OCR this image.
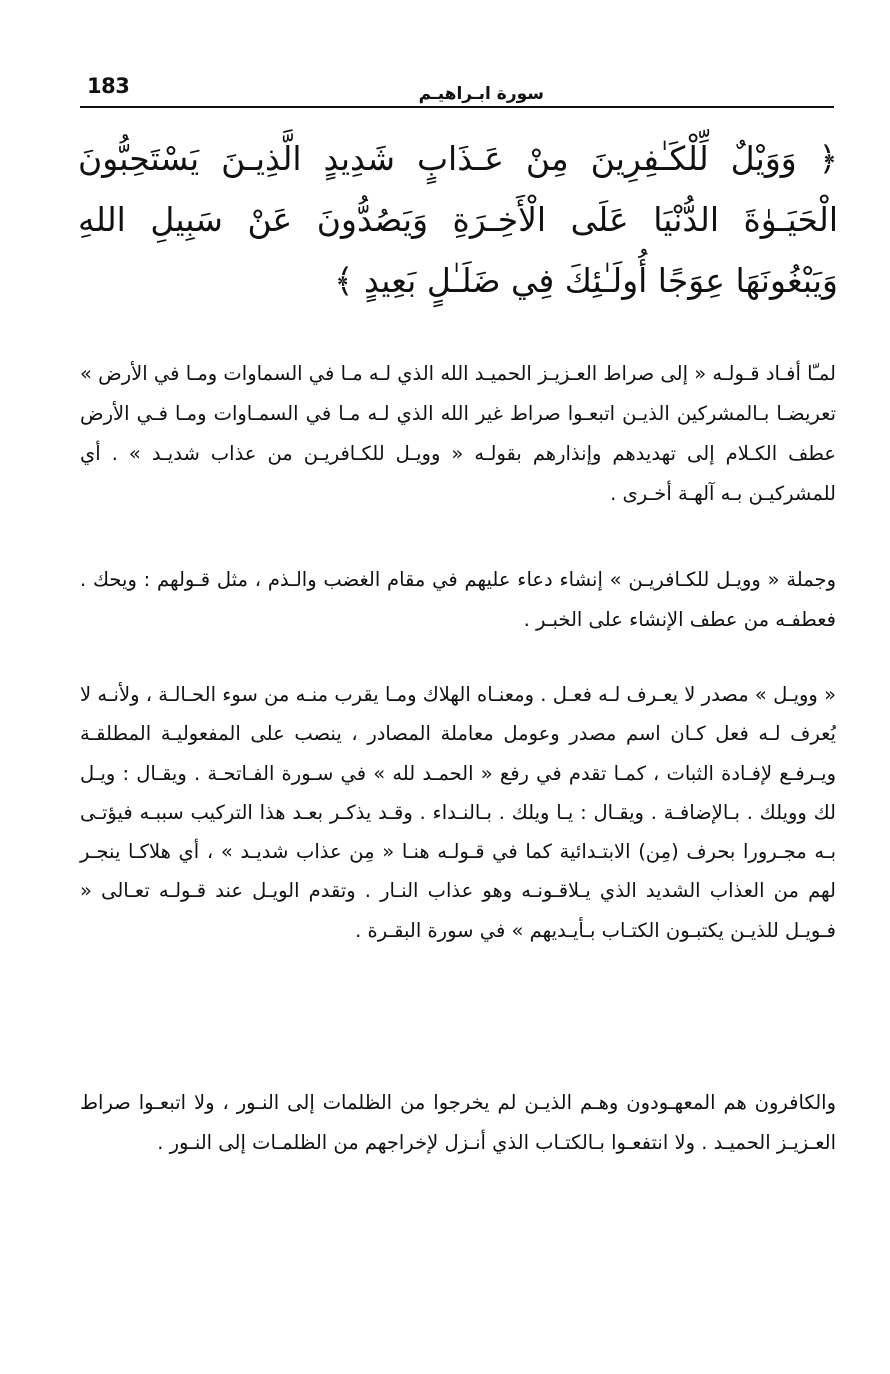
183	سورة ابـراهيـم
﴿ وَوَيْلٌ لِّلْكَـٰفِرِينَ مِنْ عَـذَابٍ شَدِيدٍ الَّذِيـنَ يَسْتَحِبُّونَ الْحَيَـوٰةَ الدُّنْيَا عَلَى الْأَخِـرَةِ وَيَصُدُّونَ عَنْ سَبِيلِ اللهِ وَيَبْغُونَهَا عِوَجًا أُولَـٰئِكَ فِي ضَلَـٰلٍ بَعِيدٍ ﴾
لمـّا أفـاد قـولـه « إلى صراط العـزيـز الحميـد الله الذي لـه مـا في السماوات ومـا في الأرض » تعريضـا بـالمشركين الذيـن اتبعـوا صراط غير الله الذي لـه مـا في السمـاوات ومـا فـي الأرض عطف الكـلام إلى تهديدهم وإنذارهم بقولـه « وويـل للكـافريـن من عذاب شديـد » . أي للمشركيـن بـه آلهـة أخـرى .
وجملة « وويـل للكـافريـن » إنشاء دعاء عليهم في مقام الغضب والـذم ، مثل قـولهم : ويحك . فعطفـه من عطف الإنشاء على الخبـر .
« وويـل » مصدر لا يعـرف لـه فعـل . ومعنـاه الهلاك ومـا يقرب منـه من سوء الحـالـة ، ولأنـه لا يُعرف لـه فعل كـان اسم مصدر وعومل معاملة المصادر ، ينصب على المفعوليـة المطلقـة ويـرفـع لإفـادة الثبات ، كمـا تقدم في رفع « الحمـد لله » في سـورة الفـاتحـة . ويقـال : ويـل لك وويلك . بـالإضافـة . ويقـال : يـا ويلك . بـالنـداء . وقـد يذكـر بعـد هذا التركيب سببـه فيؤتـى بـه مجـرورا بحرف (مِن) الابتـدائية كما في قـولـه هنـا « مِن عذاب شديـد » ، أي هلاكـا ينجـر لهم من العذاب الشديد الذي يـلاقـونـه وهو عذاب النـار . وتقدم الويـل عند قـولـه تعـالى « فـويـل للذيـن يكتبـون الكتـاب بـأيـديهم » في سورة البقـرة .
والكافرون هم المعهـودون وهـم الذيـن لم يخرجوا من الظلمات إلى النـور ، ولا اتبعـوا صراط العـزيـز الحميـد . ولا انتفعـوا بـالكتـاب الذي أنـزل لإخراجهم من الظلمـات إلى النـور .
